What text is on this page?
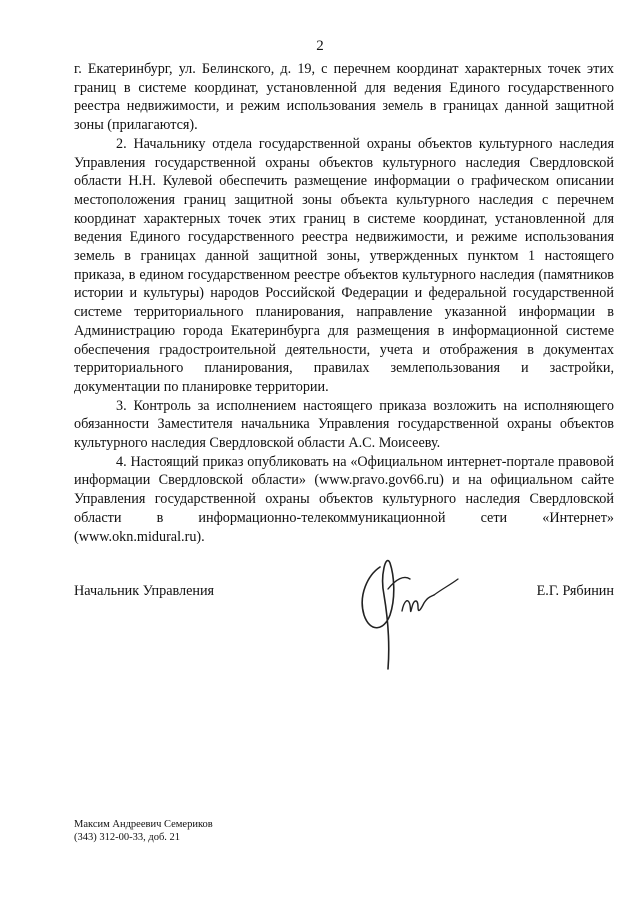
2

г. Екатеринбург, ул. Белинского, д. 19, с перечнем координат характерных точек этих границ в системе координат, установленной для ведения Единого государственного реестра недвижимости, и режим использования земель в границах данной защитной зоны (прилагаются).

2. Начальнику отдела государственной охраны объектов культурного наследия Управления государственной охраны объектов культурного наследия Свердловской области Н.Н. Кулевой обеспечить размещение информации о графическом описании местоположения границ защитной зоны объекта культурного наследия с перечнем координат характерных точек этих границ в системе координат, установленной для ведения Единого государственного реестра недвижимости, и режиме использования земель в границах данной защитной зоны, утвержденных пунктом 1 настоящего приказа, в едином государственном реестре объектов культурного наследия (памятников истории и культуры) народов Российской Федерации и федеральной государственной системе территориального планирования, направление указанной информации в Администрацию города Екатеринбурга для размещения в информационной системе обеспечения градостроительной деятельности, учета и отображения в документах территориального планирования, правилах землепользования и застройки, документации по планировке территории.

3. Контроль за исполнением настоящего приказа возложить на исполняющего обязанности Заместителя начальника Управления государственной охраны объектов культурного наследия Свердловской области А.С. Моисееву.

4. Настоящий приказ опубликовать на «Официальном интернет-портале правовой информации Свердловской области» (www.pravo.gov66.ru) и на официальном сайте Управления государственной охраны объектов культурного наследия Свердловской области в информационно-телекоммуникационной сети «Интернет» (www.okn.midural.ru).

Начальник Управления	Е.Г. Рябинин
Максим Андреевич Семериков
(343) 312-00-33, доб. 21
